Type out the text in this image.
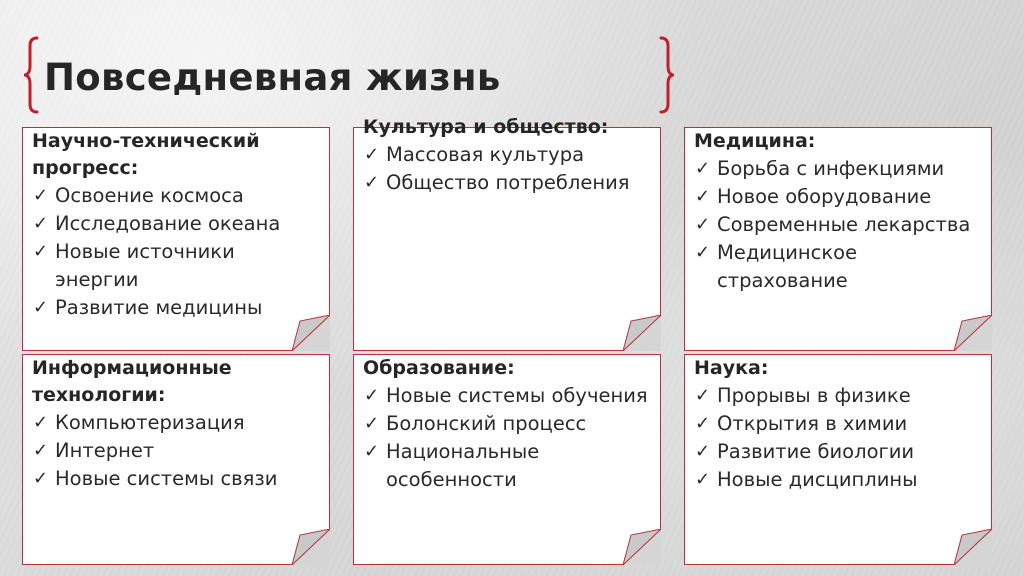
Повседневная жизнь
Научно-технический прогресс:
✓ Освоение космоса
✓ Исследование океана
✓ Новые источники энергии
✓ Развитие медицины
Культура и общество:
✓ Массовая культура
✓ Общество потребления
Медицина:
✓ Борьба с инфекциями
✓ Новое оборудование
✓ Современные лекарства
✓ Медицинское страхование
Информационные технологии:
✓ Компьютеризация
✓ Интернет
✓ Новые системы связи
Образование:
✓ Новые системы обучения
✓ Болонский процесс
✓ Национальные особенности
Наука:
✓ Прорывы в физике
✓ Открытия в химии
✓ Развитие биологии
✓ Новые дисциплины
